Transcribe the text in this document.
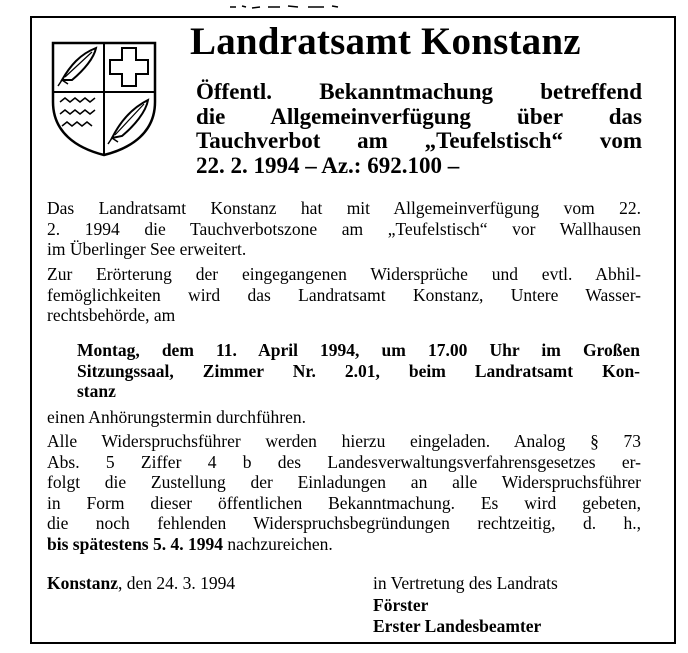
Landratsamt Konstanz
Öffentl. Bekanntmachung betreffend
die Allgemeinverfügung über das
Tauchverbot am „Teufelstisch“ vom
22. 2. 1994 – Az.: 692.100 –
Das Landratsamt Konstanz hat mit Allgemeinverfügung vom 22.
2. 1994 die Tauchverbotszone am „Teufelstisch“ vor Wallhausen
im Überlinger See erweitert.
Zur Erörterung der eingegangenen Widersprüche und evtl. Abhil-
femöglichkeiten wird das Landratsamt Konstanz, Untere Wasser-
rechtsbehörde, am
Montag, dem 11. April 1994, um 17.00 Uhr im Großen
Sitzungssaal, Zimmer Nr. 2.01, beim Landratsamt Kon-
stanz
einen Anhörungstermin durchführen.
Alle Widerspruchsführer werden hierzu eingeladen. Analog § 73
Abs. 5 Ziffer 4 b des Landesverwaltungsverfahrensgesetzes er-
folgt die Zustellung der Einladungen an alle Widerspruchsführer
in Form dieser öffentlichen Bekanntmachung. Es wird gebeten,
die noch fehlenden Widerspruchsbegründungen rechtzeitig, d. h.,
bis spätestens 5. 4. 1994 nachzureichen.
Konstanz, den 24. 3. 1994	in Vertretung des Landrats
Förster
Erster Landesbeamter
